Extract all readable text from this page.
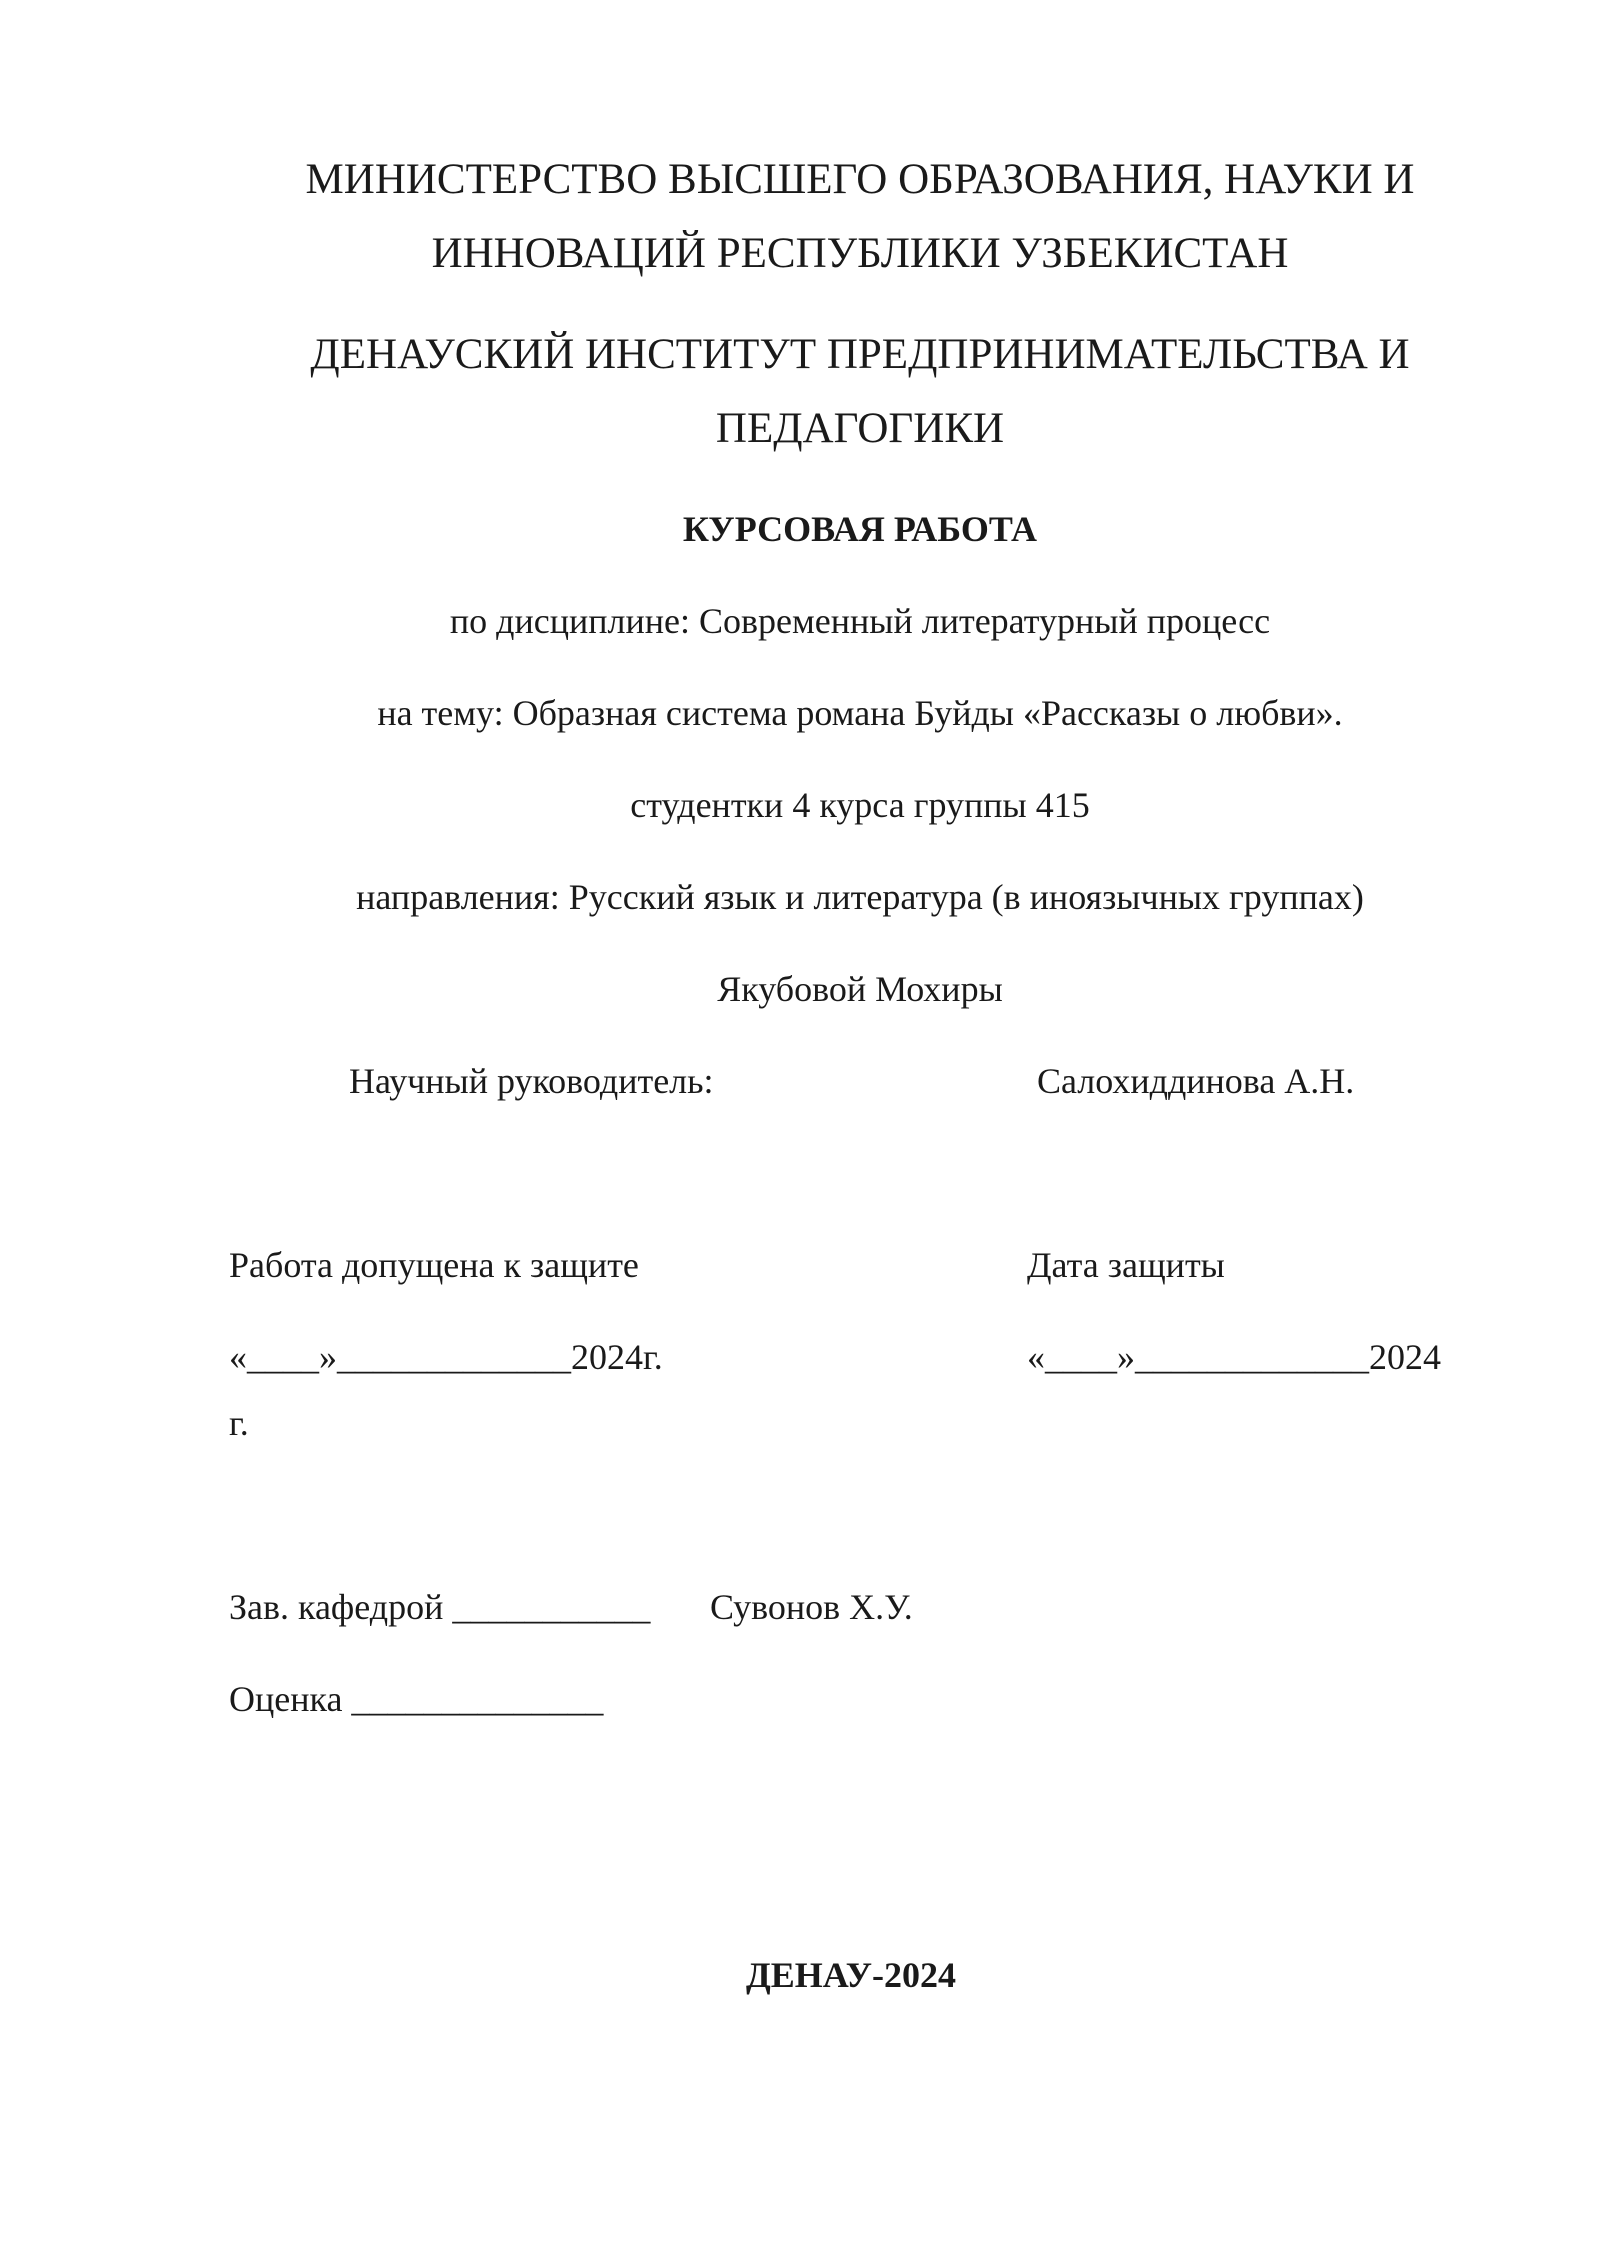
МИНИСТЕРСТВО ВЫСШЕГО ОБРАЗОВАНИЯ, НАУКИ И
ИННОВАЦИЙ РЕСПУБЛИКИ УЗБЕКИСТАН
ДЕНАУСКИЙ ИНСТИТУТ ПРЕДПРИНИМАТЕЛЬСТВА И
ПЕДАГОГИКИ
КУРСОВАЯ РАБОТА
по дисциплине: Современный литературный процесс
на тему: Образная система романа Буйды «Рассказы о любви».
студентки 4 курса группы 415
направления: Русский язык и литература (в иноязычных группах)
Якубовой Мохиры
Научный руководитель:	Салохиддинова А.Н.
Работа допущена к защите	Дата защиты
«____»_____________2024г.	«____»_____________2024
г.
Зав. кафедрой ___________ Сувонов Х.У.
Оценка ______________
ДЕНАУ-2024
